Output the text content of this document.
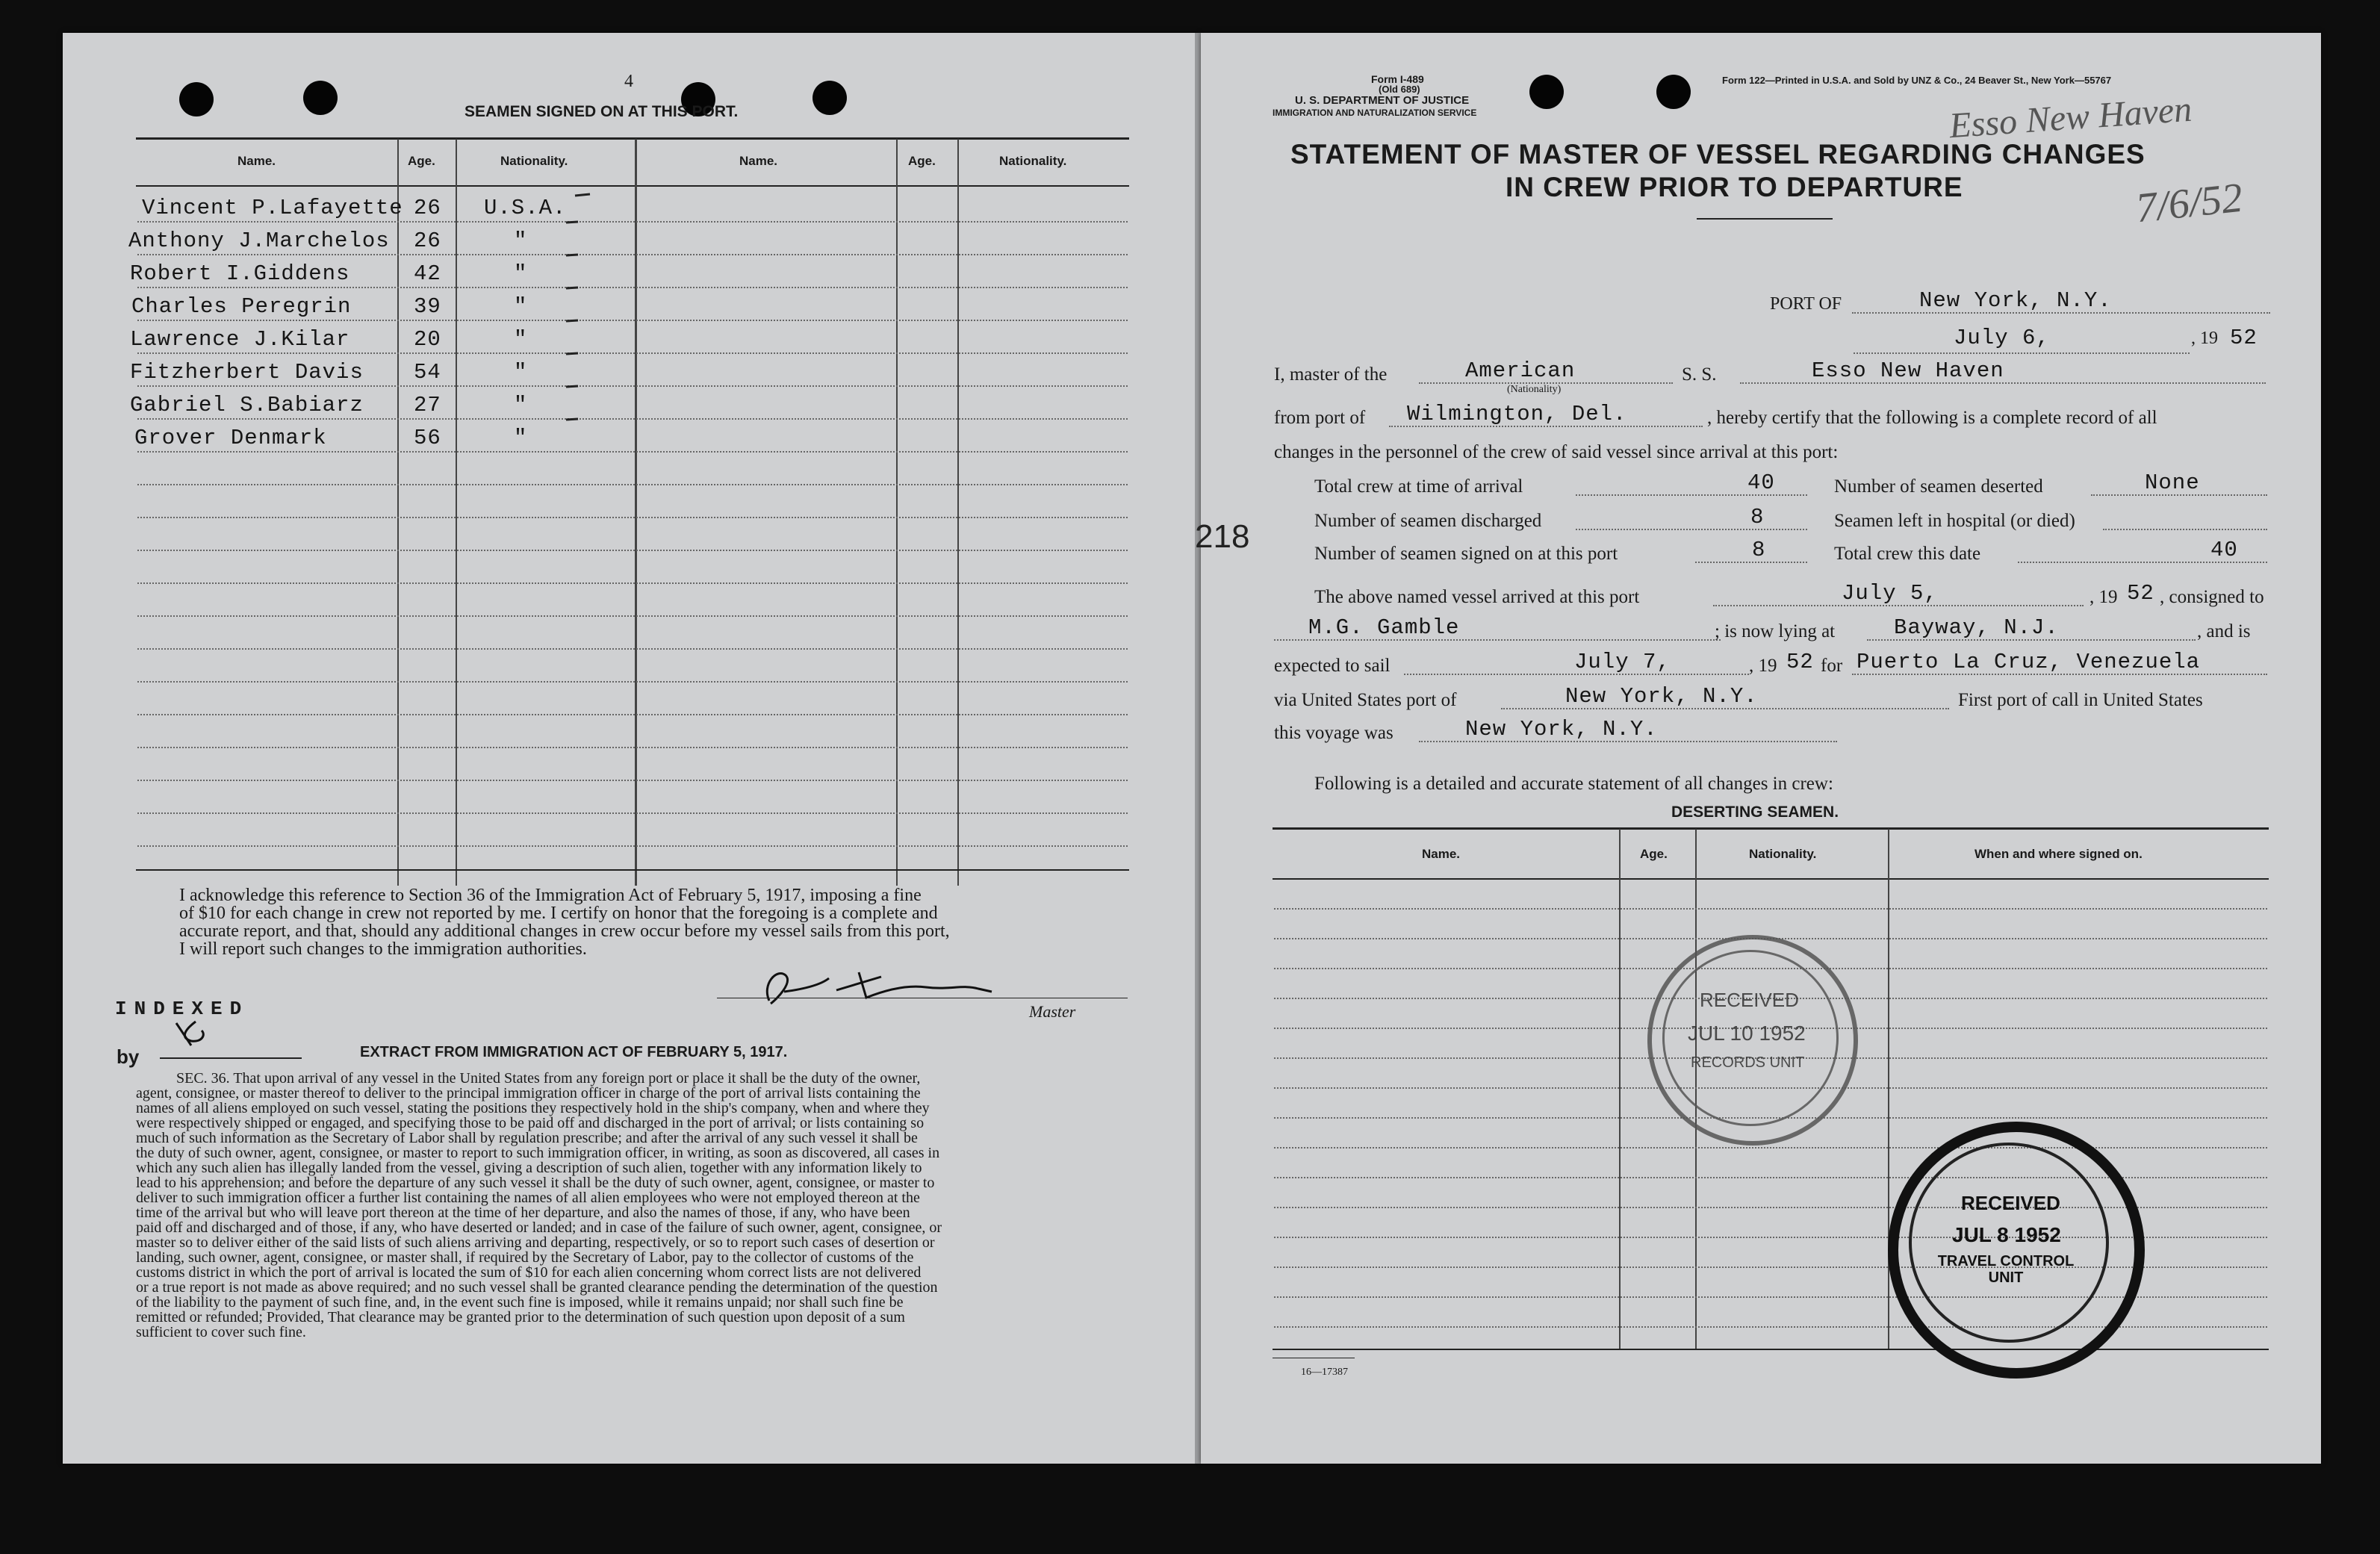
4
SEAMEN SIGNED ON AT THIS PORT.
Name.	Age.	Nationality.	Name.	Age.	Nationality.
Vincent P.Lafayette 26 U.S.A.
Anthony J.Marchelos 26	"
Robert I.Giddens	42	"
Charles Peregrin	39	"
Lawrence J.Kilar	20	"
Fitzherbert Davis 54	"
Gabriel S.Babiarz 27	"
Grover Denmark	56	"
I acknowledge this reference to Section 36 of the Immigration Act of February 5, 1917, imposing a fine
of $10 for each change in crew not reported by me. I certify on honor that the foregoing is a complete and
accurate report, and that, should any additional changes in crew occur before my vessel sails from this port,
I will report such changes to the immigration authorities.
Master
INDEXED
by	EXTRACT FROM IMMIGRATION ACT OF FEBRUARY 5, 1917.
SEC. 36. That upon arrival of any vessel in the United States from any foreign port or place it shall be the duty of the owner,
agent, consignee, or master thereof to deliver to the principal immigration officer in charge of the port of arrival lists containing the
names of all aliens employed on such vessel, stating the positions they respectively hold in the ship's company, when and where they
were respectively shipped or engaged, and specifying those to be paid off and discharged in the port of arrival; or lists containing so
much of such information as the Secretary of Labor shall by regulation prescribe; and after the arrival of any such vessel it shall be
the duty of such owner, agent, consignee, or master to report to such immigration officer, in writing, as soon as discovered, all cases in
which any such alien has illegally landed from the vessel, giving a description of such alien, together with any information likely to
lead to his apprehension; and before the departure of any such vessel it shall be the duty of such owner, agent, consignee, or master to
deliver to such immigration officer a further list containing the names of all alien employees who were not employed thereon at the
time of the arrival but who will leave port thereon at the time of her departure, and also the names of those, if any, who have been
paid off and discharged and of those, if any, who have deserted or landed; and in case of the failure of such owner, agent, consignee, or
master so to deliver either of the said lists of such aliens arriving and departing, respectively, or so to report such cases of desertion or
landing, such owner, agent, consignee, or master shall, if required by the Secretary of Labor, pay to the collector of customs of the
customs district in which the port of arrival is located the sum of $10 for each alien concerning whom correct lists are not delivered
or a true report is not made as above required; and no such vessel shall be granted clearance pending the determination of the question
of the liability to the payment of such fine, and, in the event such fine is imposed, while it remains unpaid; nor shall such fine be
remitted or refunded; Provided, That clearance may be granted prior to the determination of such question upon deposit of a sum
sufficient to cover such fine.
Form I-489
(Old 689)
U. S. DEPARTMENT OF JUSTICE
IMMIGRATION AND NATURALIZATION SERVICE
Form 122—Printed in U.S.A. and Sold by UNZ & Co., 24 Beaver St., New York—55767
Esso New Haven
7/6/52
STATEMENT OF MASTER OF VESSEL REGARDING CHANGES
IN CREW PRIOR TO DEPARTURE
218
PORT OF	New York, N.Y.
July 6,	, 19 52
I, master of the	American
(Nationality)
S. S.	Esso New Haven
from port of Wilmington, Del.	, hereby certify that the following is a complete record of all
changes in the personnel of the crew of said vessel since arrival at this port:
Total crew at time of arrival	40	Number of seamen deserted	None
Number of seamen discharged	8	Seamen left in hospital (or died)
Number of seamen signed on at this port	8	Total crew this date	40
The above named vessel arrived at this port	July 5,	, 19 52 , consigned to
M.G. Gamble	; is now lying at	Bayway, N.J.	, and is
expected to sail	July 7,	, 19 52 for Puerto La Cruz, Venezuela
via United States port of	New York, N.Y.	First port of call in United States
this voyage was	New York, N.Y.
Following is a detailed and accurate statement of all changes in crew:
DESERTING SEAMEN.
Name.	Age.	Nationality.	When and where signed on.
RECEIVED
JUL 10 1952
RECORDS UNIT
RECEIVED
JUL 8 1952
TRAVEL CONTROL UNIT
16—17387
